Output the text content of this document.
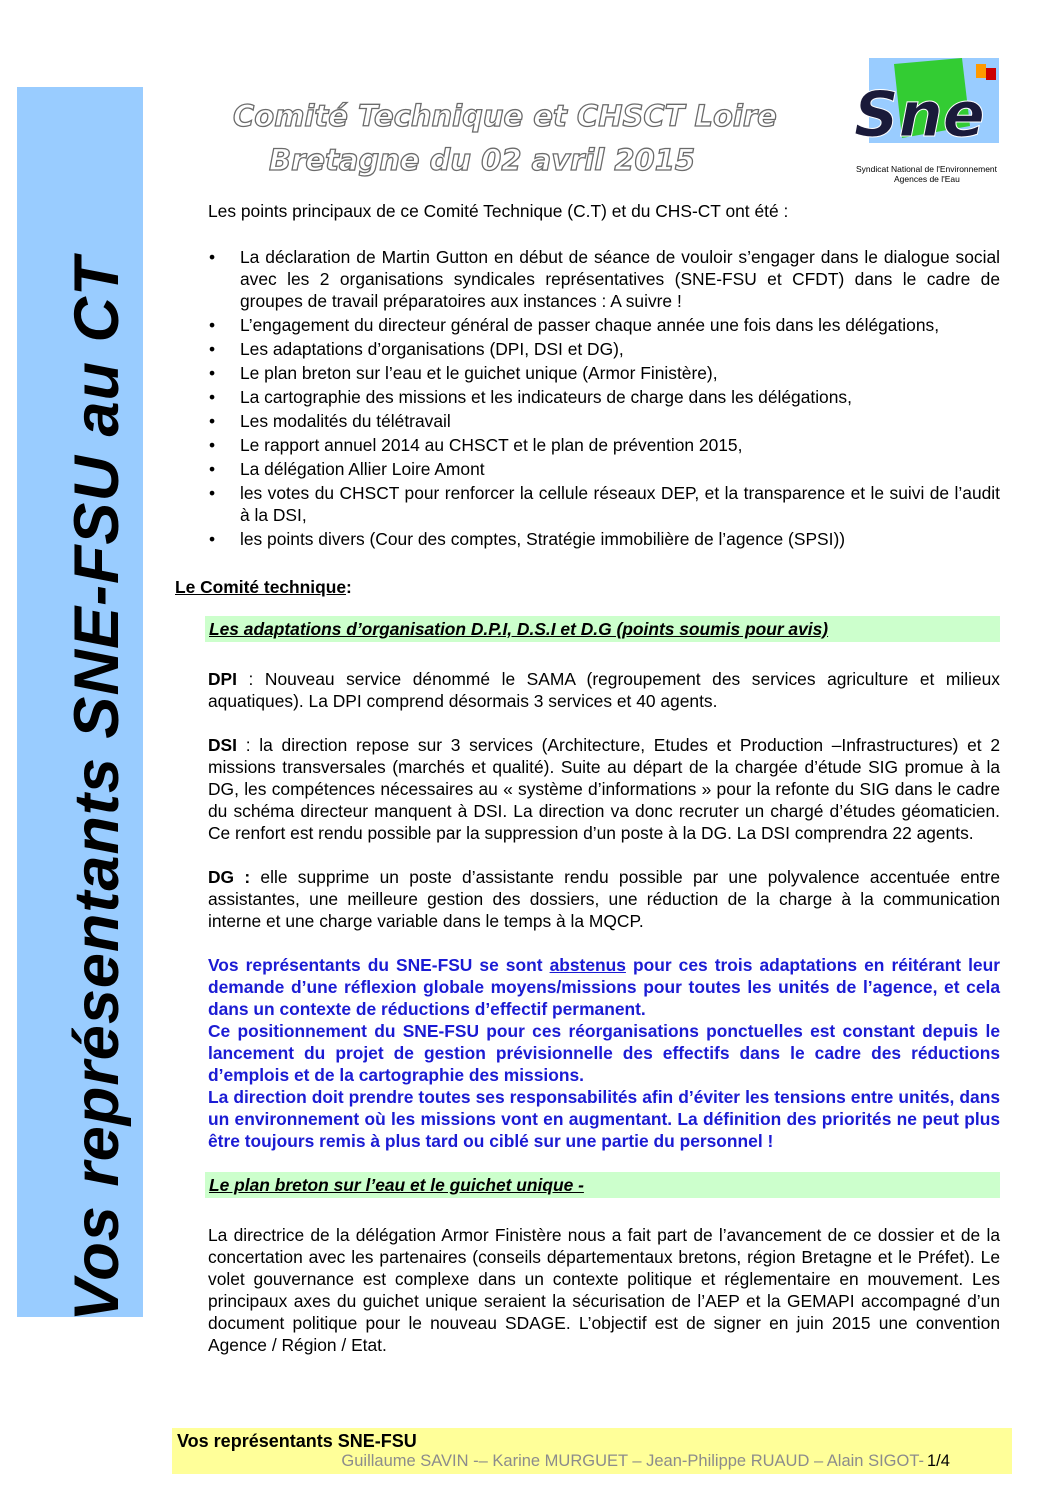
Vos représentants SNE-FSU au CT
Comité Technique et CHSCT Loire
Bretagne du 02 avril 2015
Sne
Syndicat National de l'Environnement
Agences de l'Eau

Les points principaux de ce Comité Technique (C.T) et du CHS-CT ont été :

• La déclaration de Martin Gutton en début de séance de vouloir s’engager dans le dialogue social avec les 2 organisations syndicales représentatives (SNE-FSU et CFDT) dans le cadre de groupes de travail préparatoires aux instances : A suivre !
• L’engagement du directeur général de passer chaque année une fois dans les délégations,
• Les adaptations d’organisations (DPI, DSI et DG),
• Le plan breton sur l’eau et le guichet unique (Armor Finistère),
• La cartographie des missions et les indicateurs de charge dans les délégations,
• Les modalités du télétravail
• Le rapport annuel 2014 au CHSCT et le plan de prévention 2015,
• La délégation Allier Loire Amont
• les votes du CHSCT pour renforcer la cellule réseaux DEP, et la transparence et le suivi de l’audit à la DSI,
• les points divers (Cour des comptes, Stratégie immobilière de l’agence (SPSI))
Le Comité technique:
Les adaptations d’organisation D.P.I, D.S.I et D.G (points soumis pour avis)

DPI : Nouveau service dénommé le SAMA (regroupement des services agriculture et milieux aquatiques). La DPI comprend désormais 3 services et 40 agents.

DSI : la direction repose sur 3 services (Architecture, Etudes et Production –Infrastructures) et 2 missions transversales (marchés et qualité). Suite au départ de la chargée d’étude SIG promue à la DG, les compétences nécessaires au « système d’informations » pour la refonte du SIG dans le cadre du schéma directeur manquent à DSI. La direction va donc recruter un chargé d’études géomaticien. Ce renfort est rendu possible par la suppression d’un poste à la DG. La DSI comprendra 22 agents.

DG : elle supprime un poste d’assistante rendu possible par une polyvalence accentuée entre assistantes, une meilleure gestion des dossiers, une réduction de la charge à la communication interne et une charge variable dans le temps à la MQCP.

Vos représentants du SNE-FSU se sont abstenus pour ces trois adaptations en réitérant leur demande d’une réflexion globale moyens/missions pour toutes les unités de l’agence, et cela dans un contexte de réductions d’effectif permanent.

Ce positionnement du SNE-FSU pour ces réorganisations ponctuelles est constant depuis le lancement du projet de gestion prévisionnelle des effectifs dans le cadre des réductions d’emplois et de la cartographie des missions.

La direction doit prendre toutes ses responsabilités afin d’éviter les tensions entre unités, dans un environnement où les missions vont en augmentant. La définition des priorités ne peut plus être toujours remis à plus tard ou ciblé sur une partie du personnel !

Le plan breton sur l’eau et le guichet unique -

La directrice de la délégation Armor Finistère nous a fait part de l’avancement de ce dossier et de la concertation avec les partenaires (conseils départementaux bretons, région Bretagne et le Préfet). Le volet gouvernance est complexe dans un contexte politique et réglementaire en mouvement. Les principaux axes du guichet unique seraient la sécurisation de l’AEP et la GEMAPI accompagné d’un document politique pour le nouveau SDAGE. L’objectif est de signer en juin 2015 une convention Agence / Région / Etat.

Vos représentants SNE-FSU
Guillaume SAVIN -– Karine MURGUET – Jean-Philippe RUAUD – Alain SIGOT- 1/4
